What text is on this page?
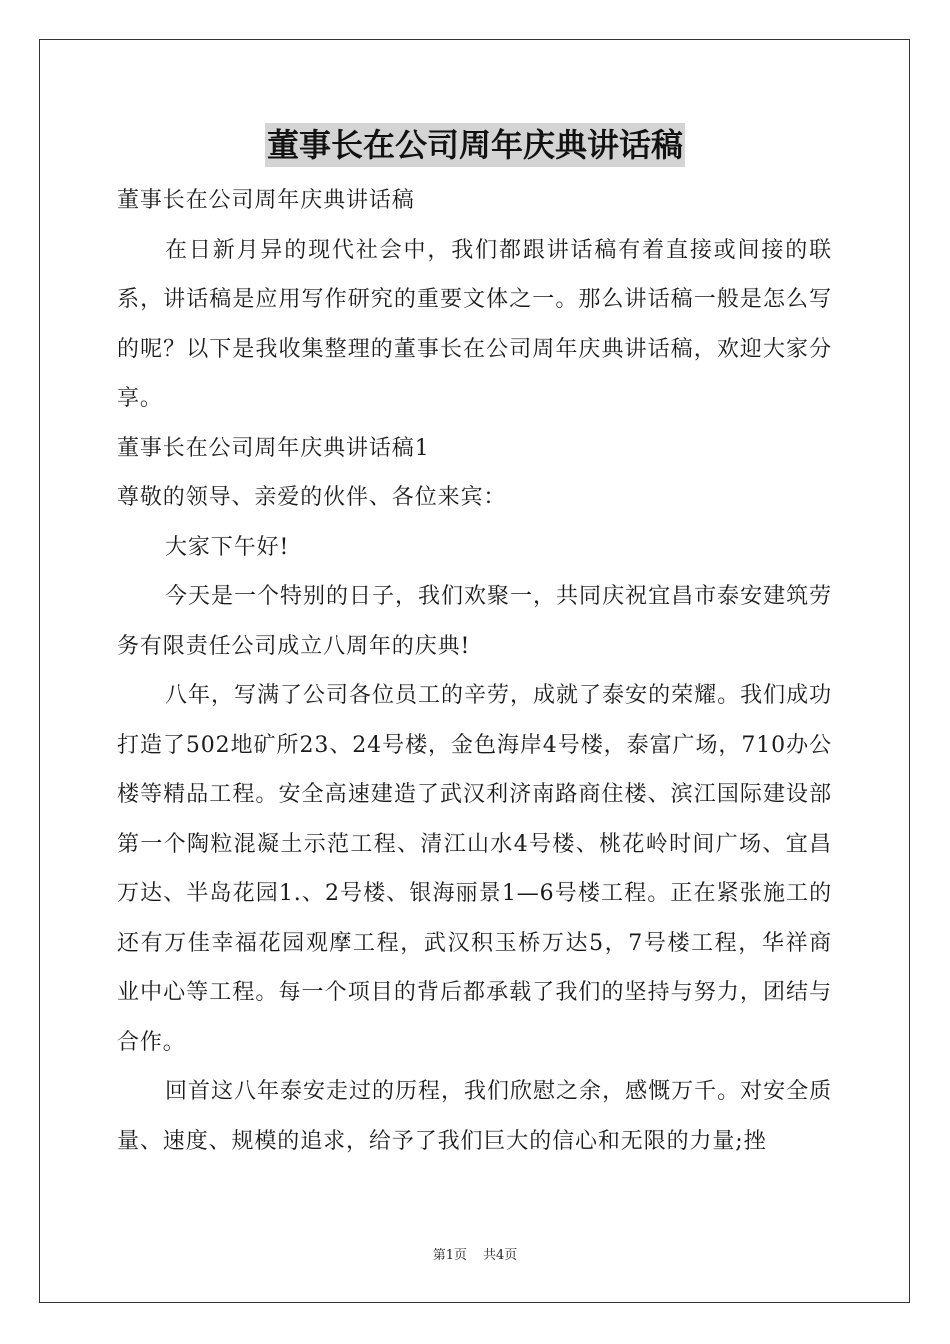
董事长在公司周年庆典讲话稿

董事长在公司周年庆典讲话稿

在日新月异的现代社会中，我们都跟讲话稿有着直接或间接的联系，讲话稿是应用写作研究的重要文体之一。那么讲话稿一般是怎么写的呢？以下是我收集整理的董事长在公司周年庆典讲话稿，欢迎大家分享。

董事长在公司周年庆典讲话稿1

尊敬的领导、亲爱的伙伴、各位来宾：

大家下午好!

今天是一个特别的日子，我们欢聚一，共同庆祝宜昌市泰安建筑劳务有限责任公司成立八周年的庆典!

八年，写满了公司各位员工的辛劳，成就了泰安的荣耀。我们成功打造了502地矿所23、24号楼，金色海岸4号楼，泰富广场，710办公楼等精品工程。安全高速建造了武汉利济南路商住楼、滨江国际建设部第一个陶粒混凝土示范工程、清江山水4号楼、桃花岭时间广场、宜昌万达、半岛花园1.、2号楼、银海丽景1—6号楼工程。正在紧张施工的还有万佳幸福花园观摩工程，武汉积玉桥万达5，7号楼工程，华祥商业中心等工程。每一个项目的背后都承载了我们的坚持与努力，团结与合作。

回首这八年泰安走过的历程，我们欣慰之余，感慨万千。对安全质量、速度、规模的追求，给予了我们巨大的信心和无限的力量;挫

第1页 共4页
